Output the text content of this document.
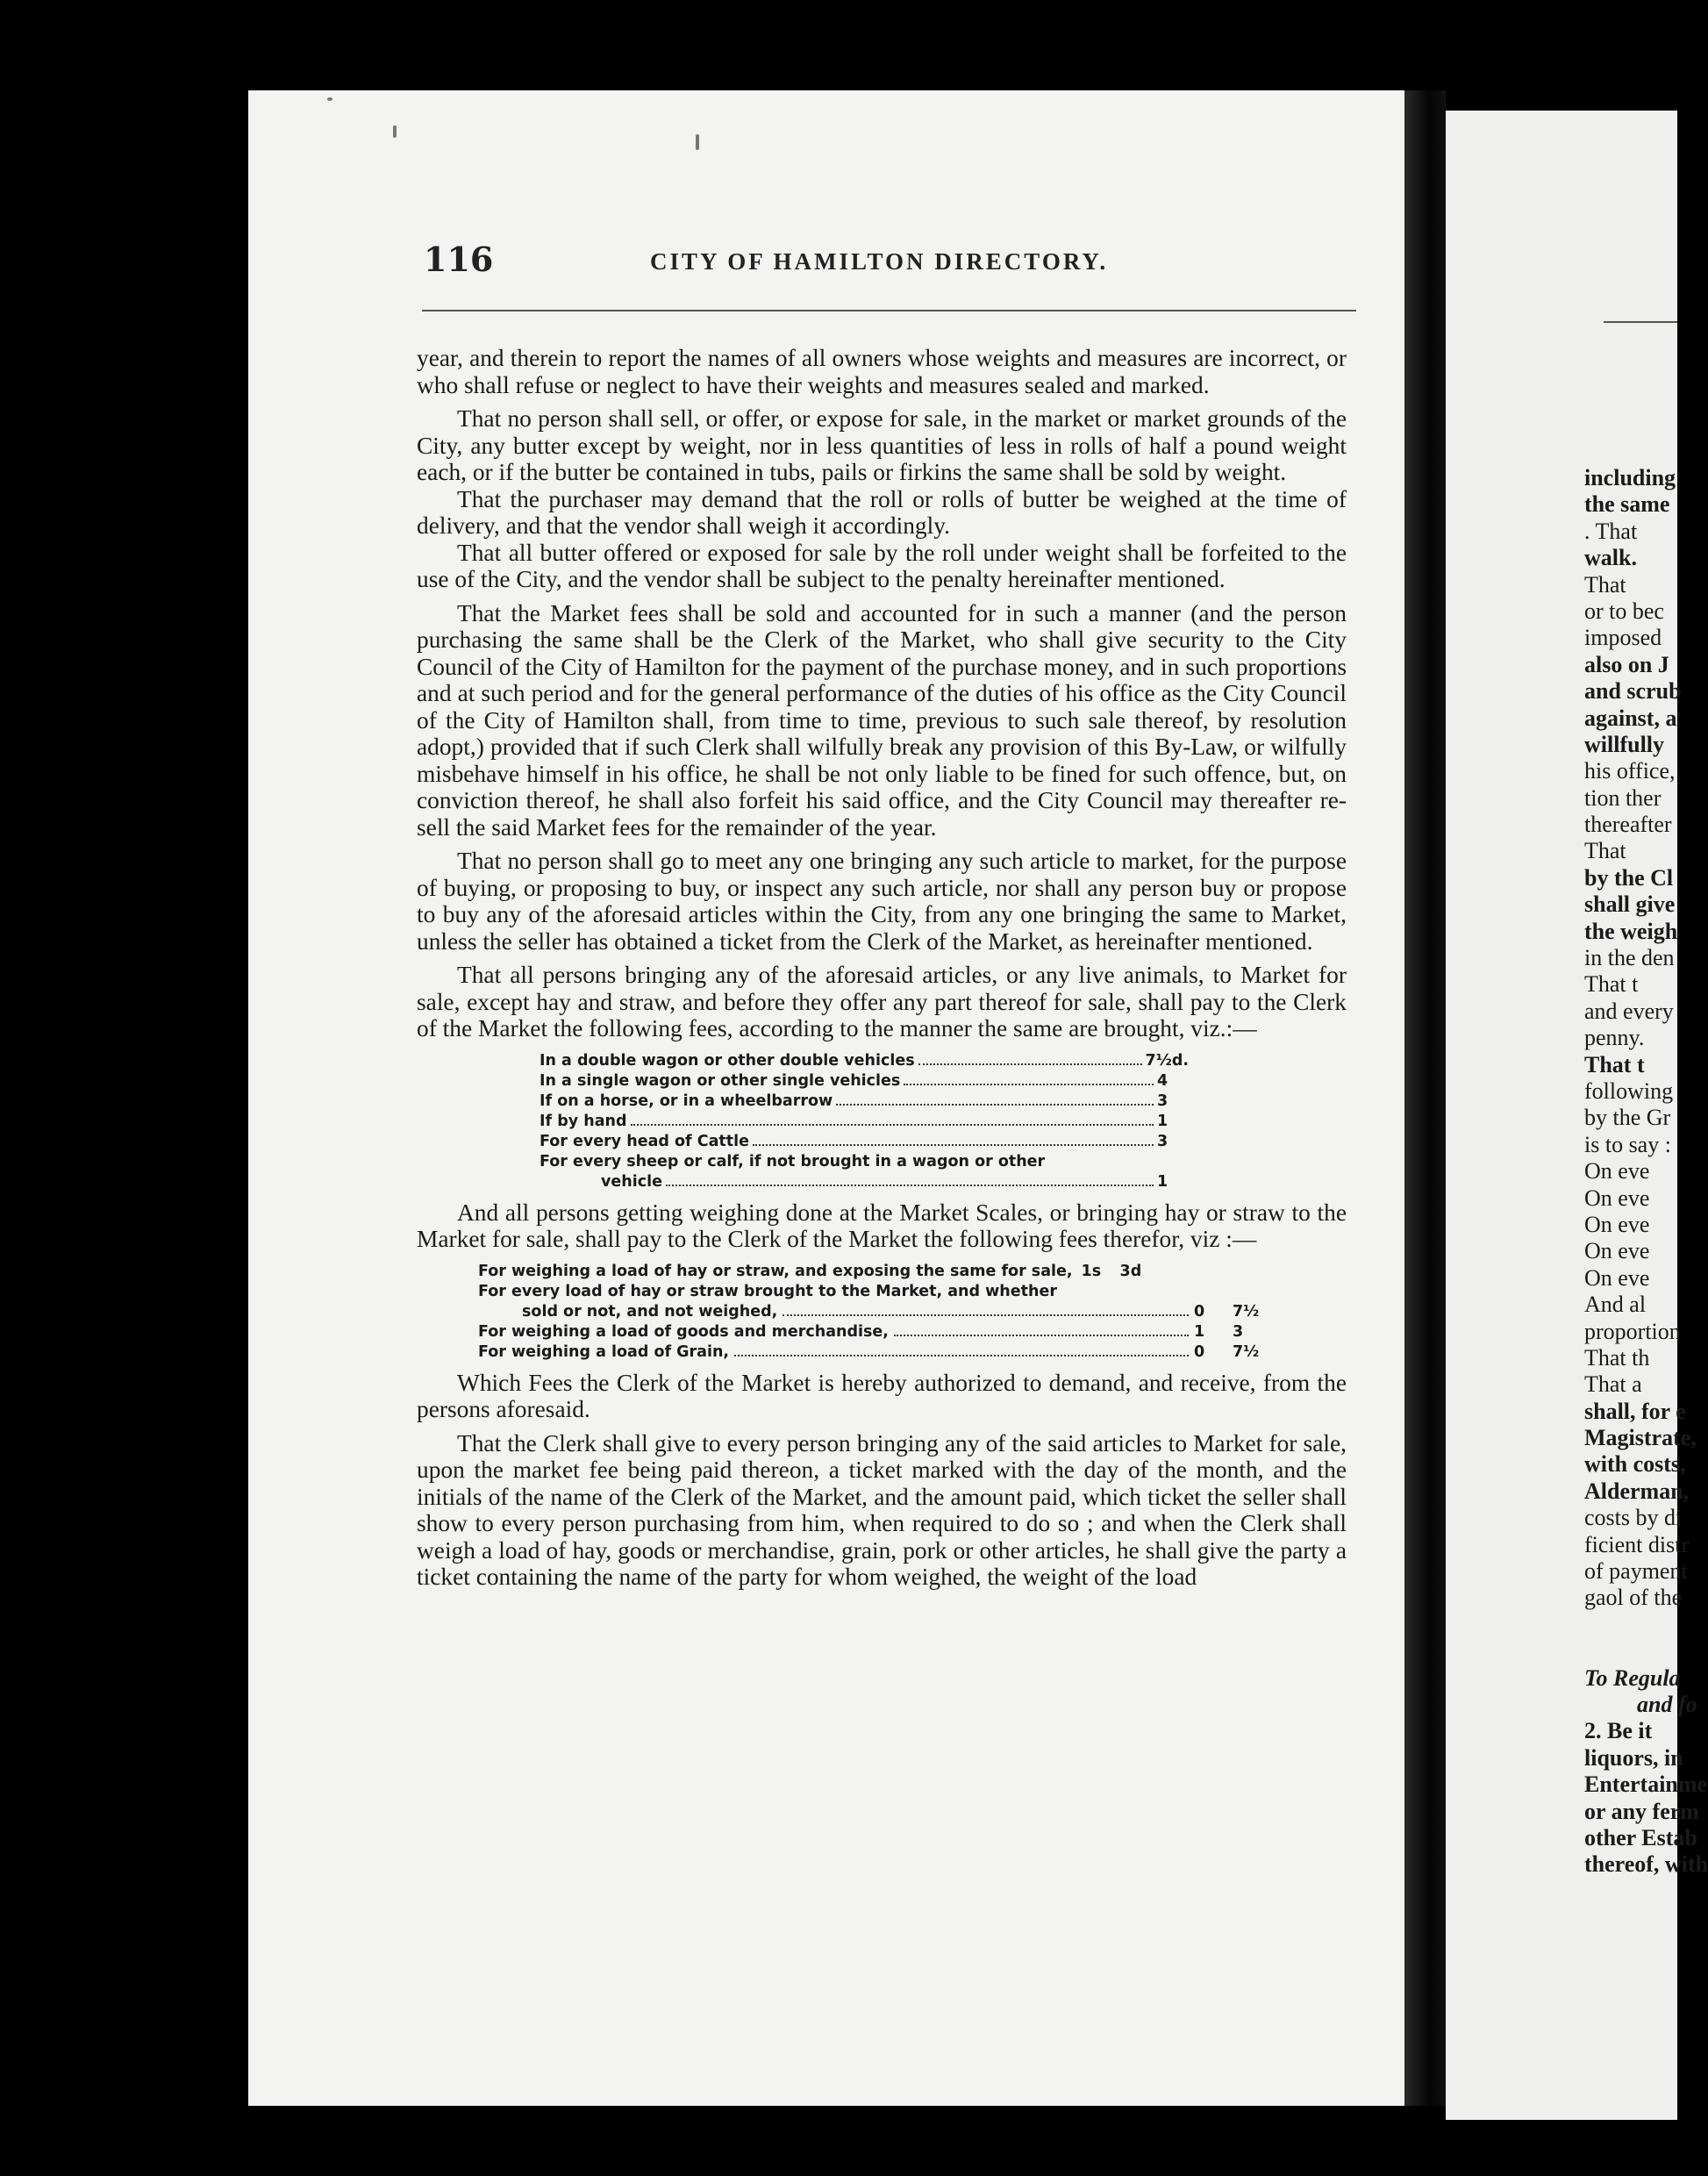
116	CITY OF HAMILTON DIRECTORY.

year, and therein to report the names of all owners whose weights and measures are incorrect, or who shall refuse or neglect to have their weights and measures sealed and marked.

That no person shall sell, or offer, or expose for sale, in the market or market grounds of the City, any butter except by weight, nor in less quantities of less in rolls of half a pound weight each, or if the butter be contained in tubs, pails or firkins the same shall be sold by weight.

That the purchaser may demand that the roll or rolls of butter be weighed at the time of delivery, and that the vendor shall weigh it accordingly.

That all butter offered or exposed for sale by the roll under weight shall be forfeited to the use of the City, and the vendor shall be subject to the penalty hereinafter mentioned.

That the Market fees shall be sold and accounted for in such a manner (and the person purchasing the same shall be the Clerk of the Market, who shall give security to the City Council of the City of Hamilton for the payment of the purchase money, and in such proportions and at such period and for the general performance of the duties of his office as the City Council of the City of Hamilton shall, from time to time, previous to such sale thereof, by resolution adopt,) provided that if such Clerk shall wilfully break any provision of this By-Law, or wilfully misbehave himself in his office, he shall be not only liable to be fined for such offence, but, on conviction thereof, he shall also forfeit his said office, and the City Council may thereafter re-sell the said Market fees for the remainder of the year.

That no person shall go to meet any one bringing any such article to market, for the purpose of buying, or proposing to buy, or inspect any such article, nor shall any person buy or propose to buy any of the aforesaid articles within the City, from any one bringing the same to Market, unless the seller has obtained a ticket from the Clerk of the Market, as hereinafter mentioned.

That all persons bringing any of the aforesaid articles, or any live animals, to Market for sale, except hay and straw, and before they offer any part thereof for sale, shall pay to the Clerk of the Market the following fees, according to the manner the same are brought, viz.:—

In a double wagon or other double vehicles	7½d.
In a single wagon or other single vehicles	4
If on a horse, or in a wheelbarrow	3
If by hand	1
For every head of Cattle	3
For every sheep or calf, if not brought in a wagon or other
vehicle	1

And all persons getting weighing done at the Market Scales, or bringing hay or straw to the Market for sale, shall pay to the Clerk of the Market the following fees therefor, viz :—

For weighing a load of hay or straw, and exposing the same for sale, 1s	3d
For every load of hay or straw brought to the Market, and whether
sold or not, and not weighed,	0	7½
For weighing a load of goods and merchandise,	1	3
For weighing a load of Grain,	0	7½

Which Fees the Clerk of the Market is hereby authorized to demand, and receive, from the persons aforesaid.

That the Clerk shall give to every person bringing any of the said articles to Market for sale, upon the market fee being paid thereon, a ticket marked with the day of the month, and the initials of the name of the Clerk of the Market, and the amount paid, which ticket the seller shall show to every person purchasing from him, when required to do so ; and when the Clerk shall weigh a load of hay, goods or merchandise, grain, pork or other articles, he shall give the party a ticket containing the name of the party for whom weighed, the weight of the load

including
the same
. That
walk.
That
or to bec
imposed
also on J
and scrub
against, a
willfully
his office,
tion ther
thereafter
That
by the Cl
shall give
the weigh
in the den
That t
and every
penny.
That t
following
by the Gr
is to say :
On eve
On eve
On eve
On eve
On eve
And al
proportion
That th
That a
shall, for e
Magistrate,
with costs,
Alderman,
costs by di
ficient distr
of payment
gaol of the
To Regula
and fo
2. Be it
liquors, in
Entertainme
or any ferm
other Estab
thereof, with
